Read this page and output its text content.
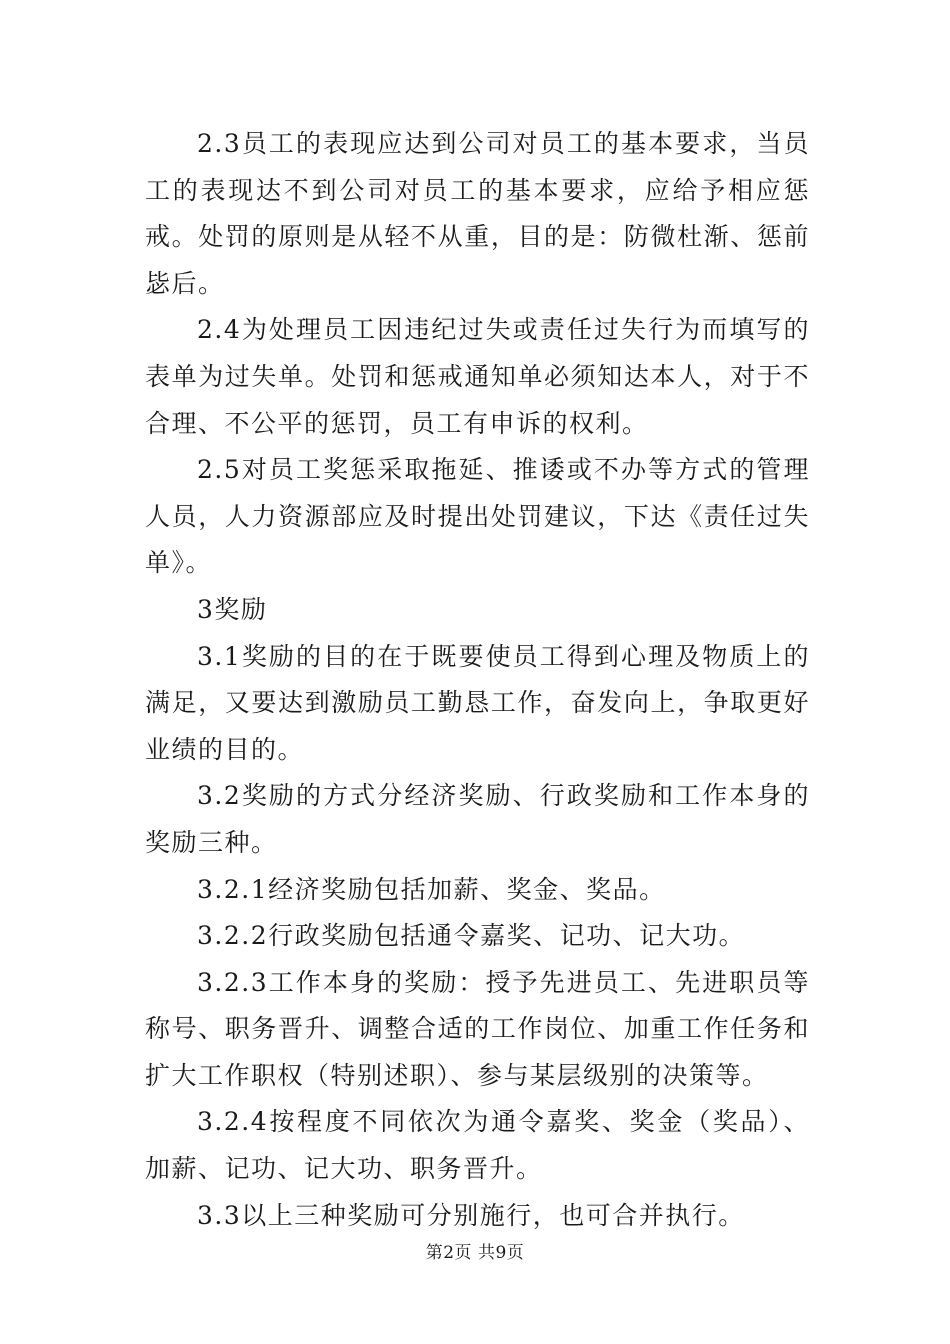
2.3员工的表现应达到公司对员工的基本要求，当员工的表现达不到公司对员工的基本要求，应给予相应惩戒。处罚的原则是从轻不从重，目的是：防微杜渐、惩前毖后。

2.4为处理员工因违纪过失或责任过失行为而填写的表单为过失单。处罚和惩戒通知单必须知达本人，对于不合理、不公平的惩罚，员工有申诉的权利。

2.5对员工奖惩采取拖延、推诿或不办等方式的管理人员，人力资源部应及时提出处罚建议，下达《责任过失单》。

3奖励

3.1奖励的目的在于既要使员工得到心理及物质上的满足，又要达到激励员工勤恳工作，奋发向上，争取更好业绩的目的。

3.2奖励的方式分经济奖励、行政奖励和工作本身的奖励三种。

3.2.1经济奖励包括加薪、奖金、奖品。

3.2.2行政奖励包括通令嘉奖、记功、记大功。

3.2.3工作本身的奖励：授予先进员工、先进职员等称号、职务晋升、调整合适的工作岗位、加重工作任务和扩大工作职权（特别述职）、参与某层级别的决策等。

3.2.4按程度不同依次为通令嘉奖、奖金（奖品）、加薪、记功、记大功、职务晋升。

3.3以上三种奖励可分别施行，也可合并执行。

第2页 共9页
